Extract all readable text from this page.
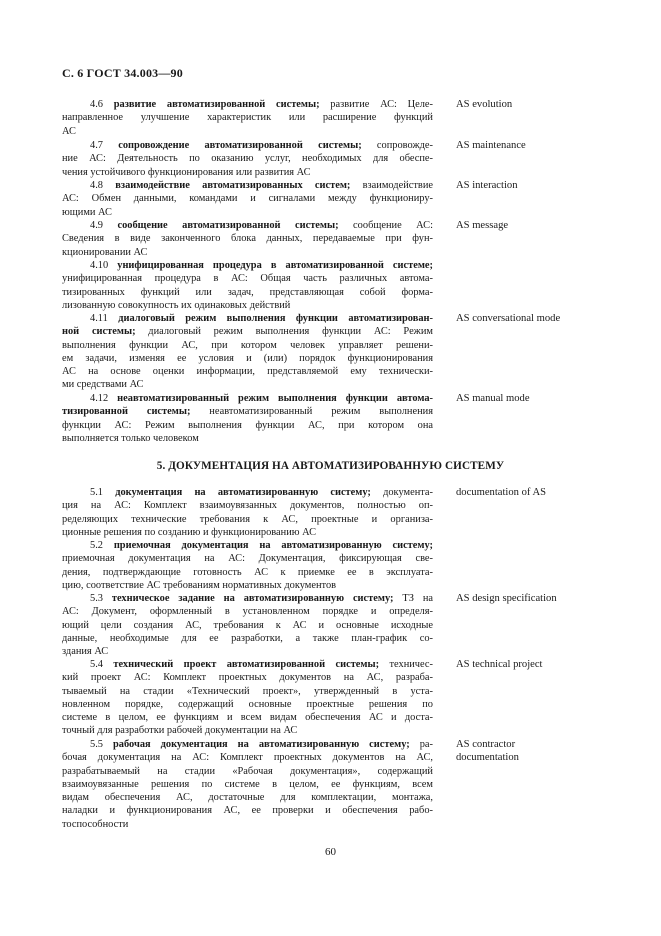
С. 6 ГОСТ 34.003—90
4.6 развитие автоматизированной системы; развитие АС: Целе-
направленное улучшение характеристик или расширение функций
АС
AS evolution
4.7 сопровождение автоматизированной системы; сопровожде-
ние АС: Деятельность по оказанию услуг, необходимых для обеспе-
чения устойчивого функционирования или развития АС
AS maintenance
4.8 взаимодействие автоматизированных систем; взаимодействие
АС: Обмен данными, командами и сигналами между функциониру-
ющими АС
AS interaction
4.9 сообщение автоматизированной системы; сообщение АС:
Сведения в виде законченного блока данных, передаваемые при фун-
кционировании АС
AS message
4.10 унифицированная процедура в автоматизированной системе;
унифицированная процедура в АС: Общая часть различных автома-
тизированных функций или задач, представляющая собой форма-
лизованную совокупность их одинаковых действий
4.11 диалоговый режим выполнения функции автоматизирован-
ной системы; диалоговый режим выполнения функции АС: Режим
выполнения функции АС, при котором человек управляет решени-
ем задачи, изменяя ее условия и (или) порядок функционирования
АС на основе оценки информации, представляемой ему технически-
ми средствами АС
AS conversational mode
4.12 неавтоматизированный режим выполнения функции автома-
тизированной системы; неавтоматизированный режим выполнения
функции АС: Режим выполнения функции АС, при котором она
выполняется только человеком
AS manual mode
5. ДОКУМЕНТАЦИЯ НА АВТОМАТИЗИРОВАННУЮ СИСТЕМУ
5.1 документация на автоматизированную систему; документа-
ция на АС: Комплект взаимоувязанных документов, полностью оп-
ределяющих технические требования к АС, проектные и организа-
ционные решения по созданию и функционированию АС
documentation of AS
5.2 приемочная документация на автоматизированную систему;
приемочная документация на АС: Документация, фиксирующая све-
дения, подтверждающие готовность АС к приемке ее в эксплуата-
цию, соответствие АС требованиям нормативных документов
5.3 техническое задание на автоматизированную систему; ТЗ на
АС: Документ, оформленный в установленном порядке и определя-
ющий цели создания АС, требования к АС и основные исходные
данные, необходимые для ее разработки, а также план-график со-
здания АС
AS design specification
5.4 технический проект автоматизированной системы; техничес-
кий проект АС: Комплект проектных документов на АС, разраба-
тываемый на стадии «Технический проект», утвержденный в уста-
новленном порядке, содержащий основные проектные решения по
системе в целом, ее функциям и всем видам обеспечения АС и доста-
точный для разработки рабочей документации на АС
AS technical project
5.5 рабочая документация на автоматизированную систему; ра-
бочая документация на АС: Комплект проектных документов на АС,
разрабатываемый на стадии «Рабочая документация», содержащий
взаимоувязанные решения по системе в целом, ее функциям, всем
видам обеспечения АС, достаточные для комплектации, монтажа,
наладки и функционирования АС, ее проверки и обеспечения рабо-
тоспособности
AS contractor
documentation
60
